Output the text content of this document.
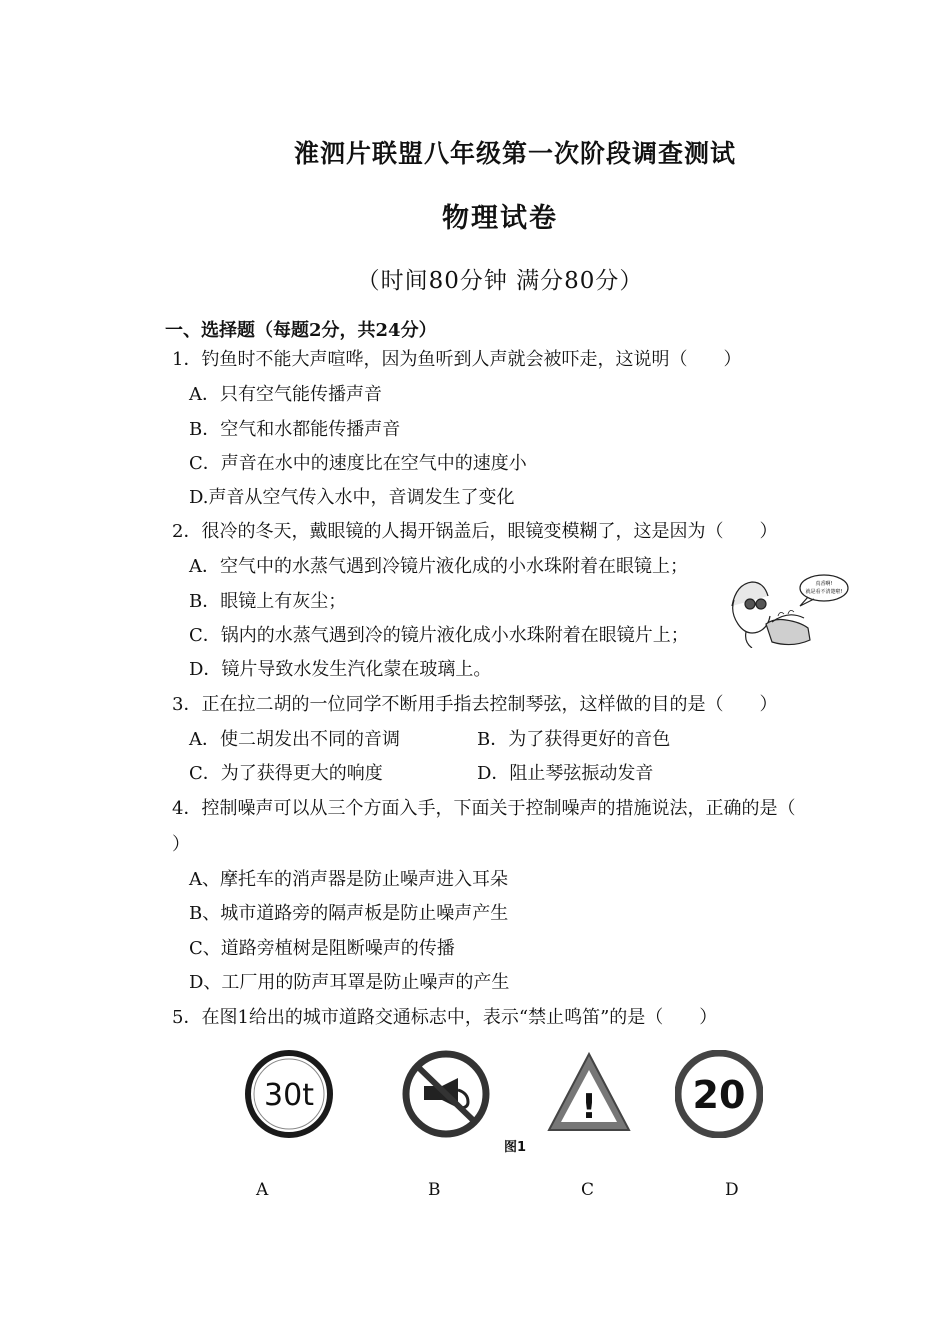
淮泗片联盟八年级第一次阶段调查测试
物理试卷
（时间80分钟 满分80分）
一、选择题（每题2分，共24分）
1．钓鱼时不能大声喧哗，因为鱼听到人声就会被吓走，这说明（　　）
A．只有空气能传播声音
B．空气和水都能传播声音
C．声音在水中的速度比在空气中的速度小
D.声音从空气传入水中，音调发生了变化
2．很冷的冬天，戴眼镜的人揭开锅盖后，眼镜变模糊了，这是因为（　　）
A．空气中的水蒸气遇到冷镜片液化成的小水珠附着在眼镜上；
B．眼镜上有灰尘；
C．锅内的水蒸气遇到冷的镜片液化成小水珠附着在眼镜片上；
D．镜片导致水发生汽化蒙在玻璃上。
真香啊!
就是看不清楚啦!
3．正在拉二胡的一位同学不断用手指去控制琴弦，这样做的目的是（　　）
A．使二胡发出不同的音调	B．为了获得更好的音色
C．为了获得更大的响度	D．阻止琴弦振动发音
4．控制噪声可以从三个方面入手，下面关于控制噪声的措施说法，正确的是（
）
A、摩托车的消声器是防止噪声进入耳朵
B、城市道路旁的隔声板是防止噪声产生
C、道路旁植树是阻断噪声的传播
D、工厂用的防声耳罩是防止噪声的产生
5．在图1给出的城市道路交通标志中，表示“禁止鸣笛”的是（　　）
30t	!	20
图1
A	B	C	D
